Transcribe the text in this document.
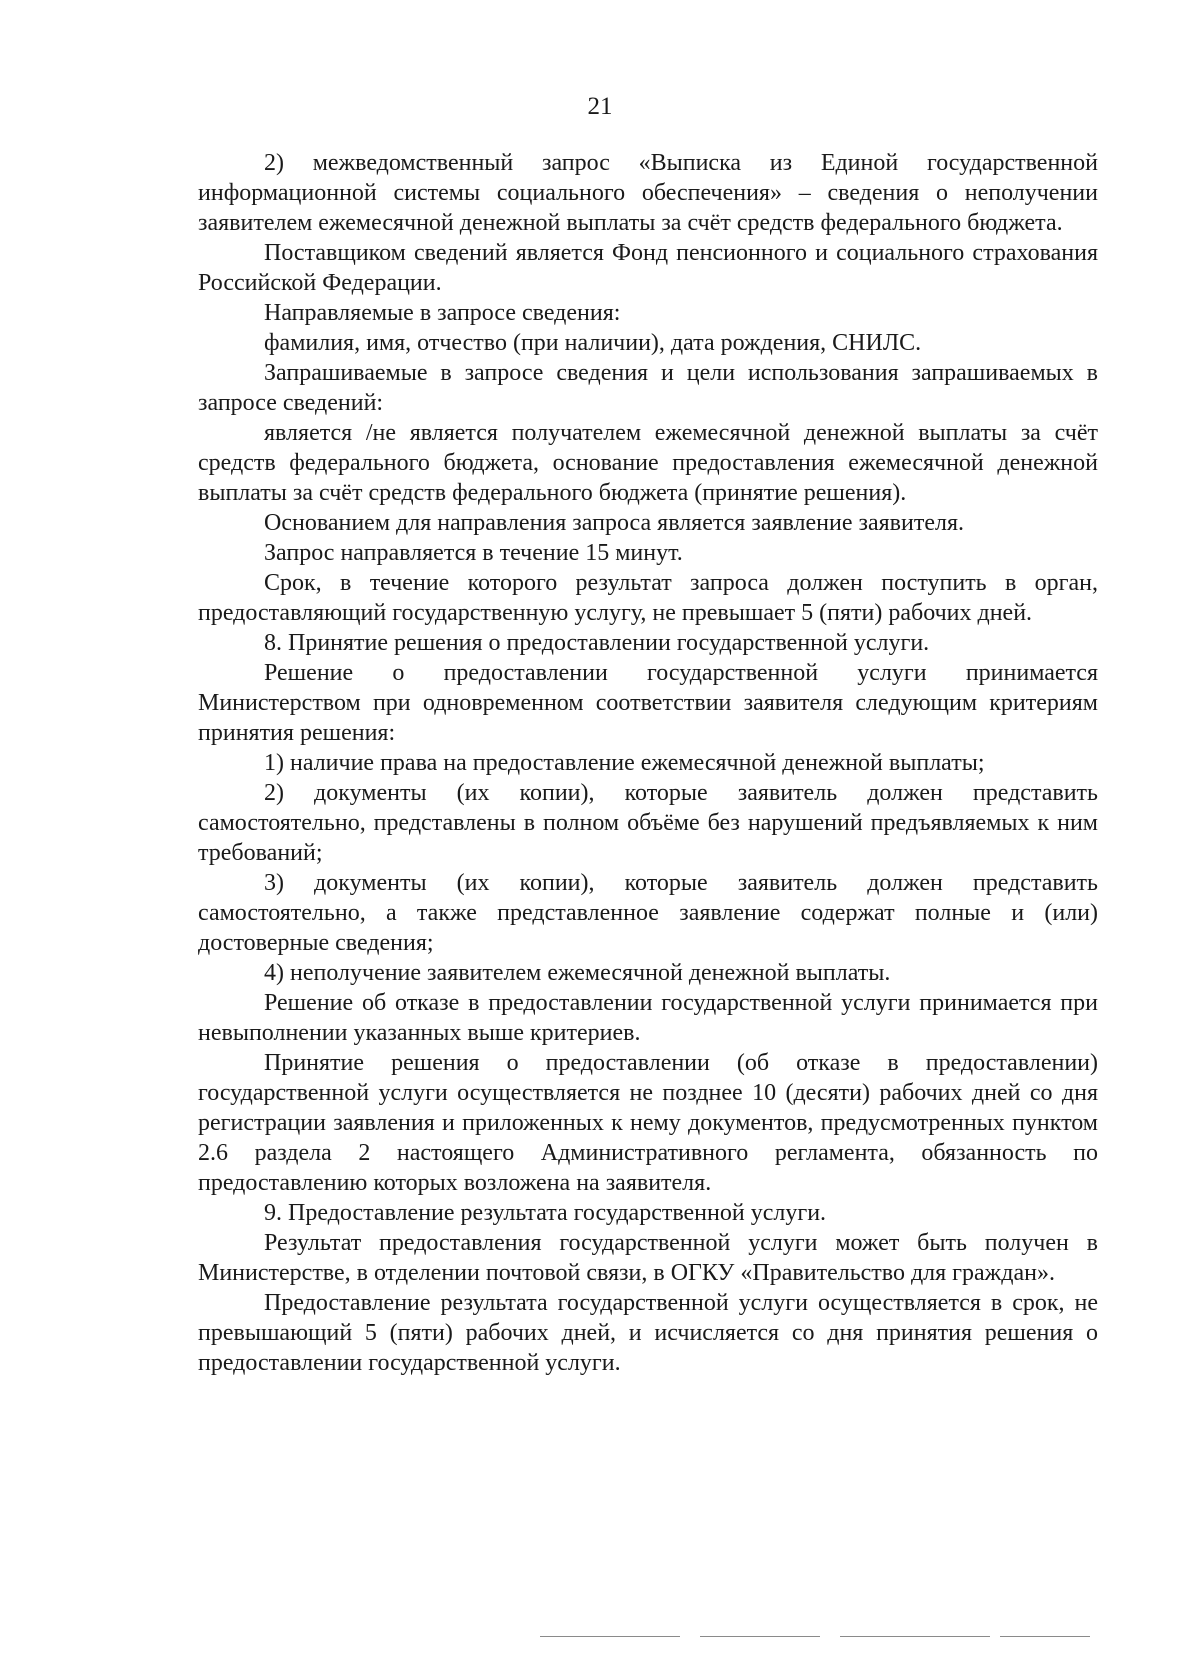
21

2) межведомственный запрос «Выписка из Единой государственной информационной системы социального обеспечения» – сведения о неполучении заявителем ежемесячной денежной выплаты за счёт средств федерального бюджета.

Поставщиком сведений является Фонд пенсионного и социального страхования Российской Федерации.

Направляемые в запросе сведения:

фамилия, имя, отчество (при наличии), дата рождения, СНИЛС.

Запрашиваемые в запросе сведения и цели использования запрашиваемых в запросе сведений:

является /не является получателем ежемесячной денежной выплаты за счёт средств федерального бюджета, основание предоставления ежемесячной денежной выплаты за счёт средств федерального бюджета (принятие решения).

Основанием для направления запроса является заявление заявителя.

Запрос направляется в течение 15 минут.

Срок, в течение которого результат запроса должен поступить в орган, предоставляющий государственную услугу, не превышает 5 (пяти) рабочих дней.

8. Принятие решения о предоставлении государственной услуги.

Решение о предоставлении государственной услуги принимается Министерством при одновременном соответствии заявителя следующим критериям принятия решения:

1) наличие права на предоставление ежемесячной денежной выплаты;

2) документы (их копии), которые заявитель должен представить самостоятельно, представлены в полном объёме без нарушений предъявляемых к ним требований;

3) документы (их копии), которые заявитель должен представить самостоятельно, а также представленное заявление содержат полные и (или) достоверные сведения;

4) неполучение заявителем ежемесячной денежной выплаты.

Решение об отказе в предоставлении государственной услуги принимается при невыполнении указанных выше критериев.

Принятие решения о предоставлении (об отказе в предоставлении) государственной услуги осуществляется не позднее 10 (десяти) рабочих дней со дня регистрации заявления и приложенных к нему документов, предусмотренных пунктом 2.6 раздела 2 настоящего Административного регламента, обязанность по предоставлению которых возложена на заявителя.

9. Предоставление результата государственной услуги.

Результат предоставления государственной услуги может быть получен в Министерстве, в отделении почтовой связи, в ОГКУ «Правительство для граждан».

Предоставление результата государственной услуги осуществляется в срок, не превышающий 5 (пяти) рабочих дней, и исчисляется со дня принятия решения о предоставлении государственной услуги.
